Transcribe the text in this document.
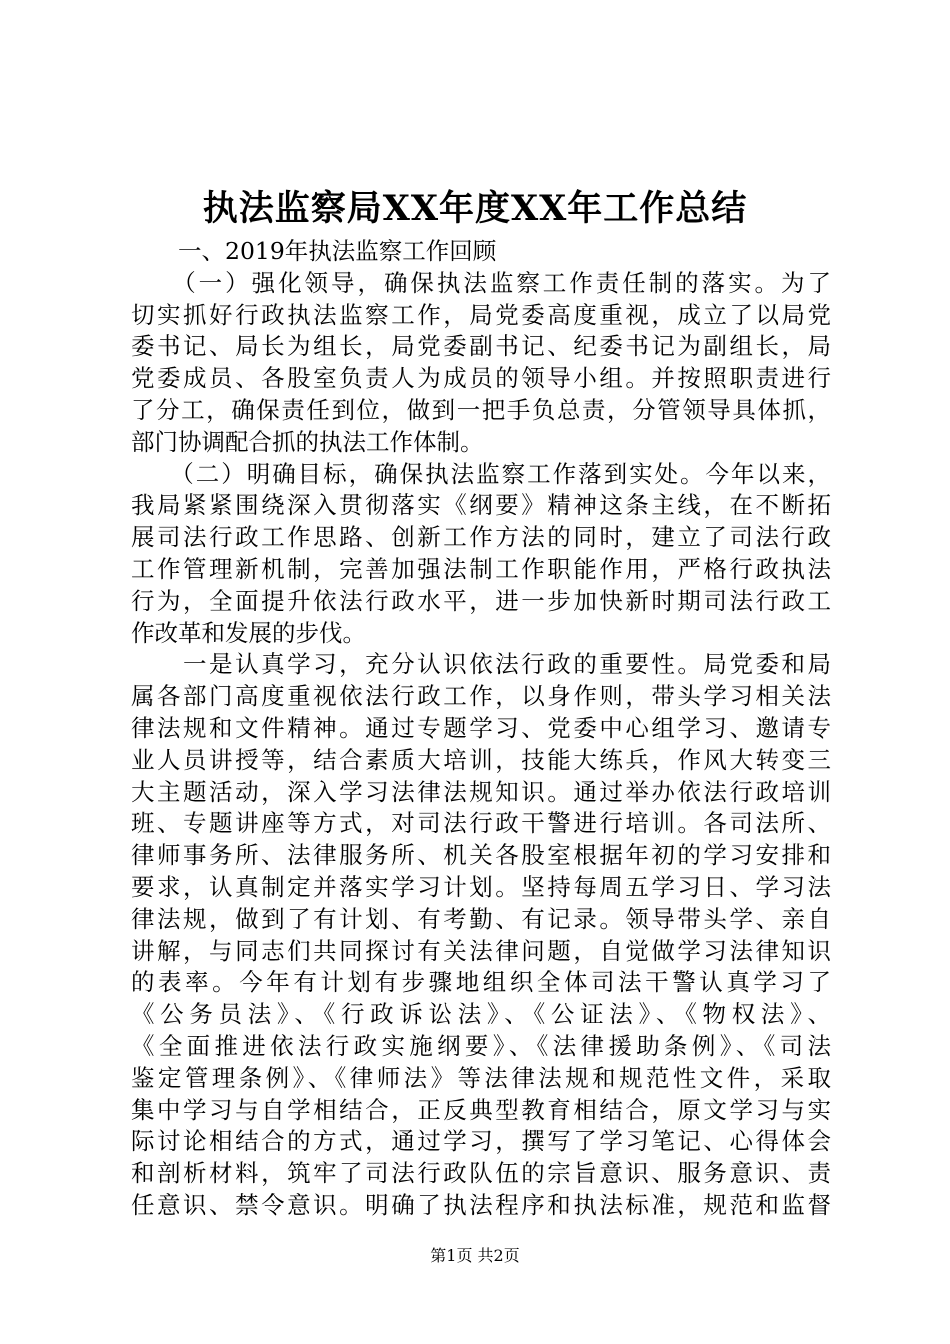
执法监察局XX年度XX年工作总结
　　一、2019年执法监察工作回顾
　　（一）强化领导，确保执法监察工作责任制的落实。为了
切实抓好行政执法监察工作，局党委高度重视，成立了以局党
委书记、局长为组长，局党委副书记、纪委书记为副组长，局
党委成员、各股室负责人为成员的领导小组。并按照职责进行
了分工，确保责任到位，做到一把手负总责，分管领导具体抓，
部门协调配合抓的执法工作体制。
　　（二）明确目标，确保执法监察工作落到实处。今年以来，
我局紧紧围绕深入贯彻落实《纲要》精神这条主线，在不断拓
展司法行政工作思路、创新工作方法的同时，建立了司法行政
工作管理新机制，完善加强法制工作职能作用，严格行政执法
行为，全面提升依法行政水平，进一步加快新时期司法行政工
作改革和发展的步伐。
　　一是认真学习，充分认识依法行政的重要性。局党委和局
属各部门高度重视依法行政工作，以身作则，带头学习相关法
律法规和文件精神。通过专题学习、党委中心组学习、邀请专
业人员讲授等，结合素质大培训，技能大练兵，作风大转变三
大主题活动，深入学习法律法规知识。通过举办依法行政培训
班、专题讲座等方式，对司法行政干警进行培训。各司法所、
律师事务所、法律服务所、机关各股室根据年初的学习安排和
要求，认真制定并落实学习计划。坚持每周五学习日、学习法
律法规，做到了有计划、有考勤、有记录。领导带头学、亲自
讲解，与同志们共同探讨有关法律问题，自觉做学习法律知识
的表率。今年有计划有步骤地组织全体司法干警认真学习了
《公务员法》、《行政诉讼法》、《公证法》、《物权法》、
《全面推进依法行政实施纲要》、《法律援助条例》、《司法
鉴定管理条例》、《律师法》等法律法规和规范性文件，采取
集中学习与自学相结合，正反典型教育相结合，原文学习与实
际讨论相结合的方式，通过学习，撰写了学习笔记、心得体会
和剖析材料，筑牢了司法行政队伍的宗旨意识、服务意识、责
任意识、禁令意识。明确了执法程序和执法标准，规范和监督
第1页 共2页
